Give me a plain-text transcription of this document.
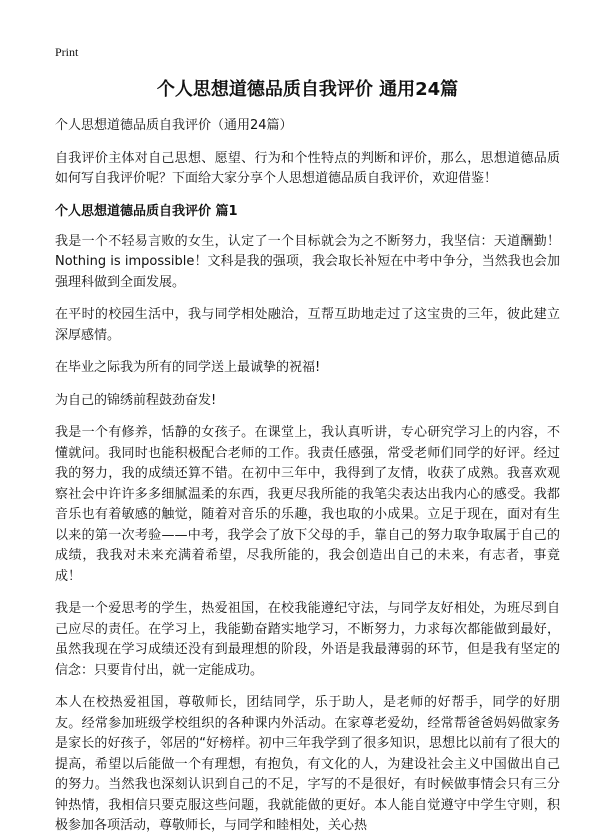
Print
个人思想道德品质自我评价 通用24篇

个人思想道德品质自我评价（通用24篇）

自我评价主体对自己思想、愿望、行为和个性特点的判断和评价，那么，思想道德品质如何写自我评价呢？下面给大家分享个人思想道德品质自我评价，欢迎借鉴！

个人思想道德品质自我评价 篇1

我是一个不轻易言败的女生，认定了一个目标就会为之不断努力，我坚信：天道酬勤！Nothing is impossible！文科是我的强项，我会取长补短在中考中争分，当然我也会加强理科做到全面发展。

在平时的校园生活中，我与同学相处融洽，互帮互助地走过了这宝贵的三年，彼此建立深厚感情。

在毕业之际我为所有的同学送上最诚挚的祝福!

为自己的锦绣前程鼓劲奋发!

我是一个有修养，恬静的女孩子。在课堂上，我认真听讲，专心研究学习上的内容，不懂就问。我同时也能积极配合老师的工作。我责任感强，常受老师们同学的好评。经过我的努力，我的成绩还算不错。在初中三年中，我得到了友情，收获了成熟。我喜欢观察社会中许许多多细腻温柔的东西，我更尽我所能的我笔尖表达出我内心的感受。我都音乐也有着敏感的触觉，随着对音乐的乐趣，我也取的小成果。立足于现在，面对有生以来的第一次考验——中考，我学会了放下父母的手，靠自己的努力取争取属于自己的成绩，我我对未来充满着希望，尽我所能的，我会创造出自己的未来，有志者，事竟成！

我是一个爱思考的学生，热爱祖国，在校我能遵纪守法，与同学友好相处，为班尽到自己应尽的责任。在学习上，我能勤奋踏实地学习，不断努力，力求每次都能做到最好，虽然我现在学习成绩还没有到最理想的阶段，外语是我最薄弱的环节，但是我有坚定的信念：只要肯付出，就一定能成功。

本人在校热爱祖国，尊敬师长，团结同学，乐于助人，是老师的好帮手，同学的好朋友。经常参加班级学校组织的各种课内外活动。在家尊老爱幼，经常帮爸爸妈妈做家务是家长的好孩子，邻居的“好榜样。初中三年我学到了很多知识，思想比以前有了很大的提高，希望以后能做一个有理想，有抱负，有文化的人，为建设社会主义中国做出自己的努力。当然我也深刻认识到自己的不足，字写的不是很好，有时候做事情会只有三分钟热情，我相信只要克服这些问题，我就能做的更好。本人能自觉遵守中学生守则，积极参加各项活动，尊敬师长，与同学和睦相处，关心热
